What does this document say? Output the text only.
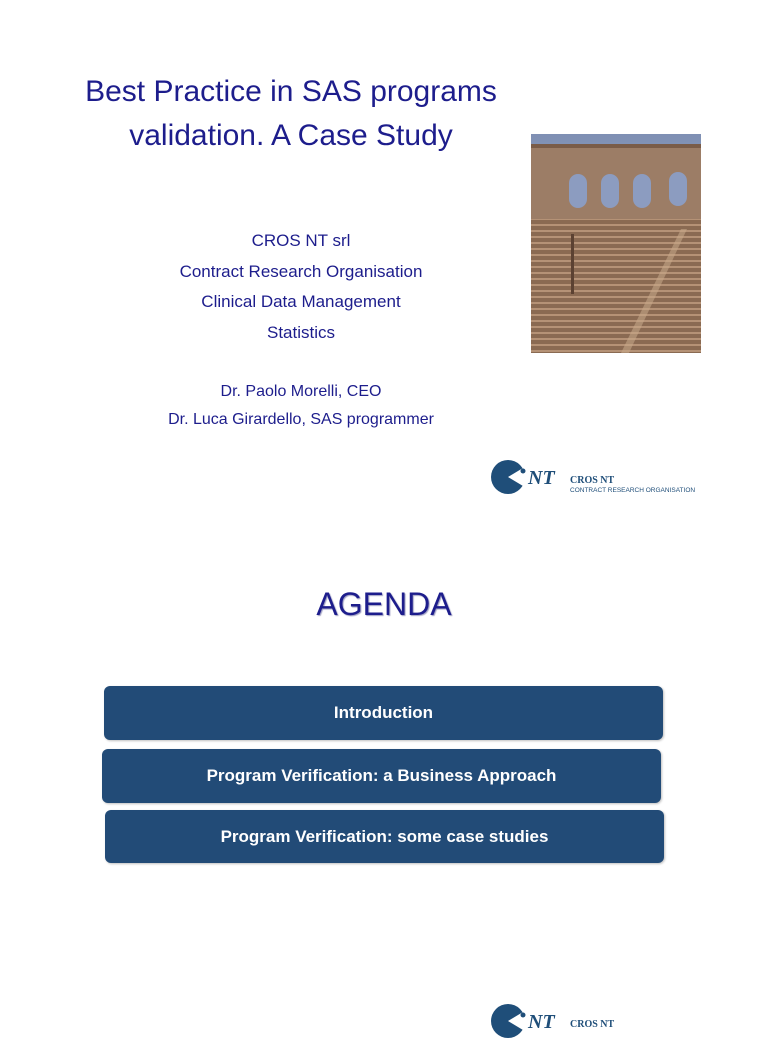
Best Practice in SAS programs validation. A Case Study
CROS NT srl
Contract Research Organisation
Clinical Data Management
Statistics
Dr. Paolo Morelli, CEO
Dr. Luca Girardello, SAS programmer
NT CROS NT
CONTRACT RESEARCH ORGANISATION
AGENDA
Introduction
Program Verification: a Business Approach
Program Verification: some case studies
NT CROS NT
